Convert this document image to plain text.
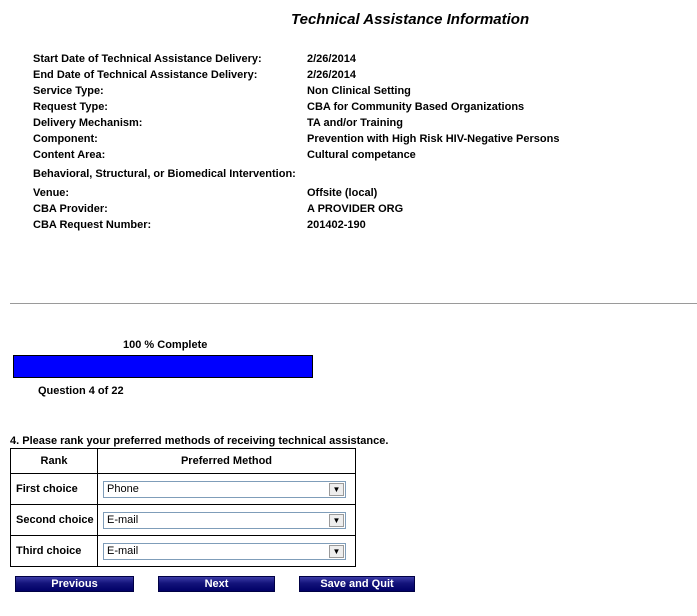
Technical Assistance Information
Start Date of Technical Assistance Delivery:	2/26/2014
End Date of Technical Assistance Delivery:	2/26/2014
Service Type:	Non Clinical Setting
Request Type:	CBA for Community Based Organizations
Delivery Mechanism:	TA and/or Training
Component:	Prevention with High Risk HIV-Negative Persons
Content Area:	Cultural competance
Behavioral, Structural, or Biomedical Intervention:	
Venue:	Offsite (local)
CBA Provider:	A PROVIDER ORG
CBA Request Number:	201402-190
100 % Complete
Question 4 of 22
4. Please rank your preferred methods of receiving technical assistance.
Rank	Preferred Method
First choice	Phone ▼

Second choice	E-mail ▼

Third choice	E-mail ▼
Previous	Next	Save and Quit
